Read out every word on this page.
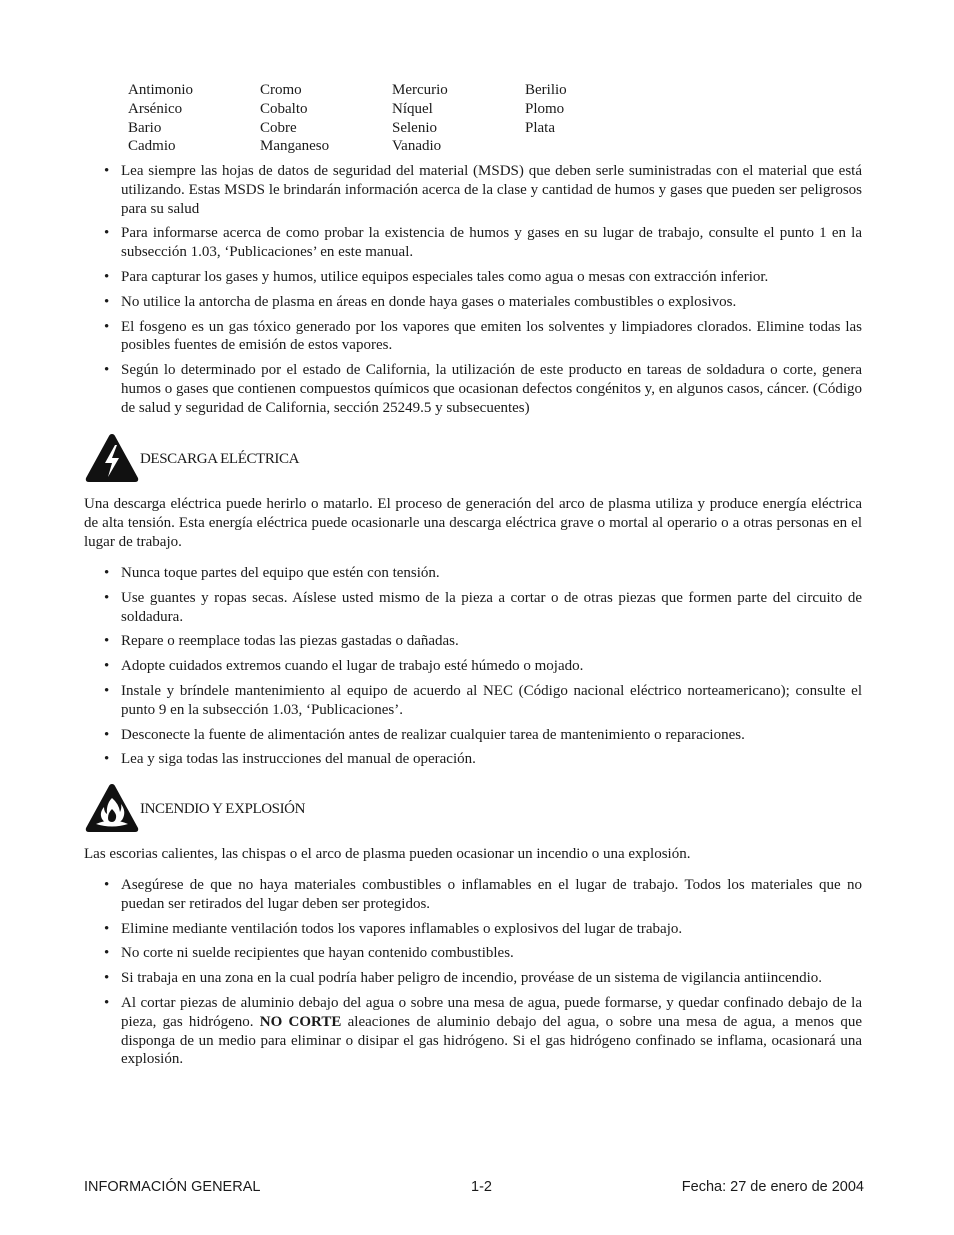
Antimonio	Cromo	Mercurio	Berilio
Arsénico	Cobalto	Níquel	Plomo
Bario	Cobre	Selenio	Plata
Cadmio	Manganeso	Vanadio
• Lea siempre las hojas de datos de seguridad del material (MSDS) que deben serle suministradas con el material que está utilizando. Estas MSDS le brindarán información acerca de la clase y cantidad de humos y gases que pueden ser peligrosos para su salud
• Para informarse acerca de como probar la existencia de humos y gases en su lugar de trabajo, consulte el punto 1 en la subsección 1.03, ‘Publicaciones’ en este manual.
• Para capturar los gases y humos, utilice equipos especiales tales como agua o mesas con extracción inferior.
• No utilice la antorcha de plasma en áreas en donde haya gases o materiales combustibles o explosivos.
• El fosgeno es un gas tóxico generado por los vapores que emiten los solventes y limpiadores clorados. Elimine todas las posibles fuentes de emisión de estos vapores.
• Según lo determinado por el estado de California, la utilización de este producto en tareas de soldadura o corte, genera humos o gases que contienen compuestos químicos que ocasionan defectos congénitos y, en algunos casos, cáncer. (Código de salud y seguridad de California, sección 25249.5 y subsecuentes)
DESCARGA ELÉCTRICA

Una descarga eléctrica puede herirlo o matarlo. El proceso de generación del arco de plasma utiliza y produce energía eléctrica de alta tensión. Esta energía eléctrica puede ocasionarle una descarga eléctrica grave o mortal al operario o a otras personas en el lugar de trabajo.

• Nunca toque partes del equipo que estén con tensión.
• Use guantes y ropas secas. Aíslese usted mismo de la pieza a cortar o de otras piezas que formen parte del circuito de soldadura.
• Repare o reemplace todas las piezas gastadas o dañadas.
• Adopte cuidados extremos cuando el lugar de trabajo esté húmedo o mojado.
• Instale y bríndele mantenimiento al equipo de acuerdo al NEC (Código nacional eléctrico norteamericano); consulte el punto 9 en la subsección 1.03, ‘Publicaciones’.
• Desconecte la fuente de alimentación antes de realizar cualquier tarea de mantenimiento o reparaciones.
• Lea y siga todas las instrucciones del manual de operación.
INCENDIO Y EXPLOSIÓN

Las escorias calientes, las chispas o el arco de plasma pueden ocasionar un incendio o una explosión.

• Asegúrese de que no haya materiales combustibles o inflamables en el lugar de trabajo. Todos los materiales que no puedan ser retirados del lugar deben ser protegidos.
• Elimine mediante ventilación todos los vapores inflamables o explosivos del lugar de trabajo.
• No corte ni suelde recipientes que hayan contenido combustibles.
• Si trabaja en una zona en la cual podría haber peligro de incendio, provéase de un sistema de vigilancia antiincendio.
• Al cortar piezas de aluminio debajo del agua o sobre una mesa de agua, puede formarse, y quedar confinado debajo de la pieza, gas hidrógeno. NO CORTE aleaciones de aluminio debajo del agua, o sobre una mesa de agua, a menos que disponga de un medio para eliminar o disipar el gas hidrógeno. Si el gas hidrógeno confinado se inflama, ocasionará una explosión.
INFORMACIÓN GENERAL	1-2	Fecha: 27 de enero de 2004
